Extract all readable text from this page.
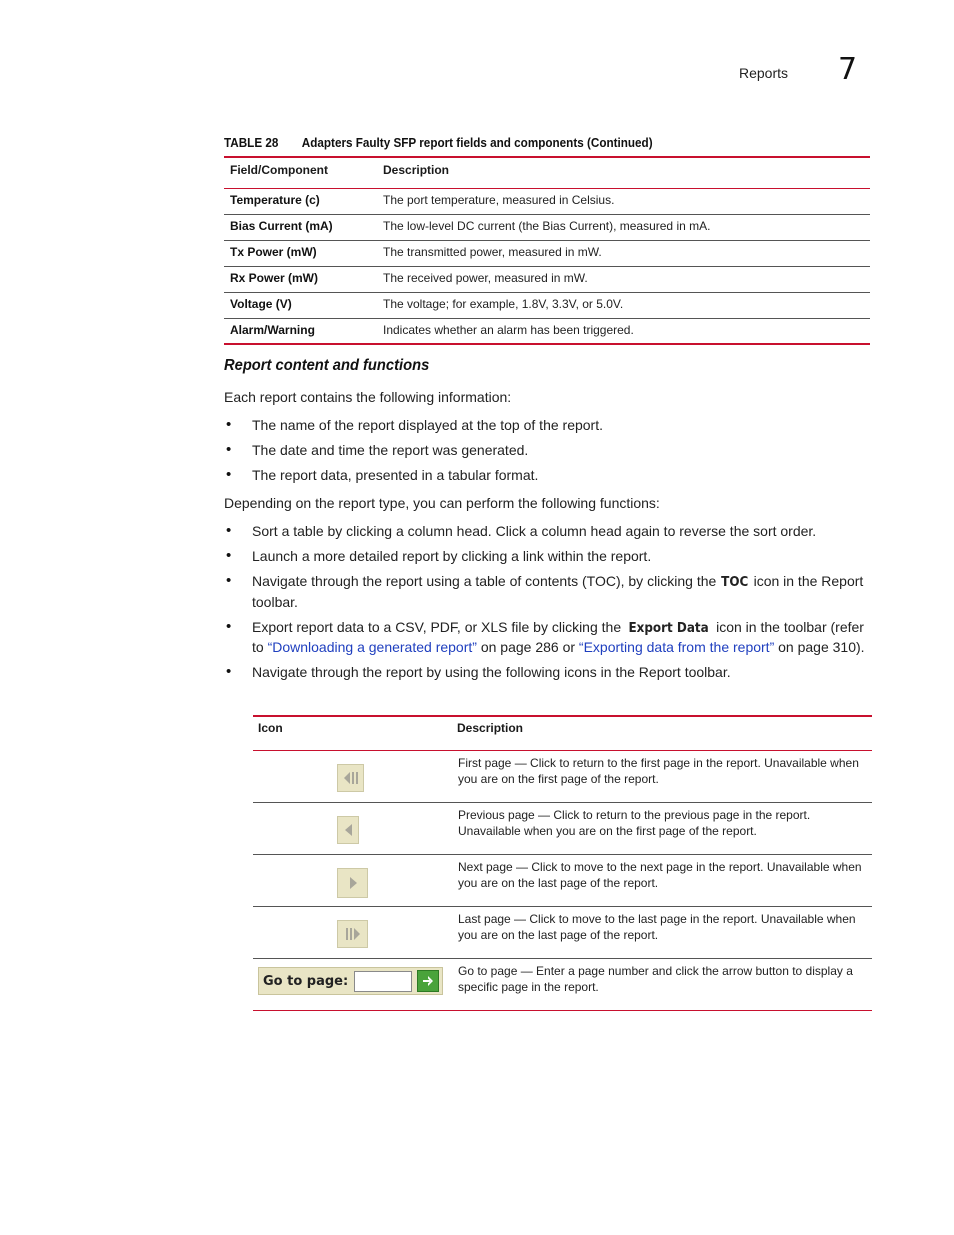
Reports 7
TABLE 28 Adapters Faulty SFP report fields and components (Continued)
Field/Component	Description
Temperature (c)	The port temperature, measured in Celsius.
Bias Current (mA)	The low-level DC current (the Bias Current), measured in mA.
Tx Power (mW)	The transmitted power, measured in mW.
Rx Power (mW)	The received power, measured in mW.
Voltage (V)	The voltage; for example, 1.8V, 3.3V, or 5.0V.
Alarm/Warning	Indicates whether an alarm has been triggered.
Report content and functions
Each report contains the following information:
• The name of the report displayed at the top of the report.
• The date and time the report was generated.
• The report data, presented in a tabular format.
Depending on the report type, you can perform the following functions:
• Sort a table by clicking a column head. Click a column head again to reverse the sort order.
• Launch a more detailed report by clicking a link within the report.
• Navigate through the report using a table of contents (TOC), by clicking the TOC icon in the Report toolbar.
• Export report data to a CSV, PDF, or XLS file by clicking the Export Data icon in the toolbar (refer to “Downloading a generated report” on page 286 or “Exporting data from the report” on page 310).
• Navigate through the report by using the following icons in the Report toolbar.
Icon	Description

	First page — Click to return to the first page in the report. Unavailable when you are on the first page of the report.

	Previous page — Click to return to the previous page in the report. Unavailable when you are on the first page of the report.

	Next page — Click to move to the next page in the report. Unavailable when you are on the last page of the report.

	Last page — Click to move to the last page in the report. Unavailable when you are on the last page of the report.

Go to page:	Go to page — Enter a page number and click the arrow button to display a specific page in the report.
